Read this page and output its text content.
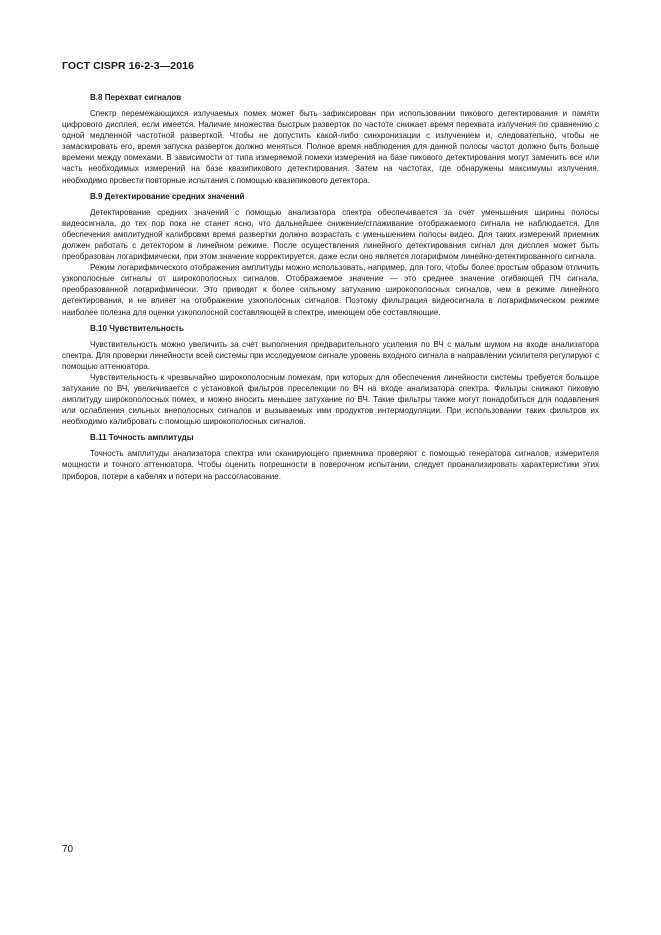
ГОСТ CISPR 16-2-3—2016

B.8 Перехват сигналов

Спектр перемежающихся излучаемых помех может быть зафиксирован при использовании пикового детектирования и памяти цифрового дисплея, если имеется. Наличие множества быстрых разверток по частоте снижает время перехвата излучения по сравнению с одной медленной частотной разверткой. Чтобы не допустить какой-либо синхронизации с излучением и, следовательно, чтобы не замаскировать его, время запуска разверток должно меняться. Полное время наблюдения для данной полосы частот должно быть больше времени между помехами. В зависимости от типа измеряемой помехи измерения на базе пикового детектирования могут заменить все или часть необходимых измерений на базе квазипикового детектирования. Затем на частотах, где обнаружены максимумы излучения, необходимо провести повторные испытания с помощью квазипикового детектора.

B.9 Детектирование средних значений

Детектирование средних значений с помощью анализатора спектра обеспечивается за счет уменьшения ширины полосы видеосигнала, до тех пор пока не станет ясно, что дальнейшее снижение/сглаживание отображаемого сигнала не наблюдается. Для обеспечения амплитудной калибровки время развертки должно возрастать с уменьшением полосы видео. Для таких измерений приемник должен работать с детектором в линейном режиме. После осуществления линейного детектирования сигнал для дисплея может быть преобразован логарифмически, при этом значение корректируется, даже если оно является логарифмом линейно-детектированного сигнала.

Режим логарифмического отображения амплитуды можно использовать, например, для того, чтобы более простым образом отличить узкополосные сигналы от широкополосных сигналов. Отображаемое значение — это среднее значение огибающей ПЧ сигнала, преобразованной логарифмически. Это приводит к более сильному затуханию широкополосных сигналов, чем в режиме линейного детектирования, и не влияет на отображение узкополосных сигналов. Поэтому фильтрация видеосигнала в логарифмическом режиме наиболее полезна для оценки узкополосной составляющей в спектре, имеющем обе составляющие.

B.10 Чувствительность

Чувствительность можно увеличить за счет выполнения предварительного усиления по ВЧ с малым шумом на входе анализатора спектра. Для проверки линейности всей системы при исследуемом сигнале уровень входного сигнала в направлении усилителя регулируют с помощью аттенюатора.

Чувствительность к чрезвычайно широкополосным помехам, при которых для обеспечения линейности системы требуется большое затухание по ВЧ, увеличивается с установкой фильтров преселекции по ВЧ на входе анализатора спектра. Фильтры снижают пиковую амплитуду широкополосных помех, и можно вносить меньшее затухание по ВЧ. Такие фильтры также могут понадобиться для подавления или ослабления сильных внеполосных сигналов и вызываемых ими продуктов интермодуляции. При использовании таких фильтров их необходимо калибровать с помощью широкополосных сигналов.

B.11 Точность амплитуды

Точность амплитуды анализатора спектра или сканирующего приемника проверяют с помощью генератора сигналов, измерителя мощности и точного аттенюатора. Чтобы оценить погрешности в поверочном испытании, следует проанализировать характеристики этих приборов, потери в кабелях и потери на рассогласование.

70
